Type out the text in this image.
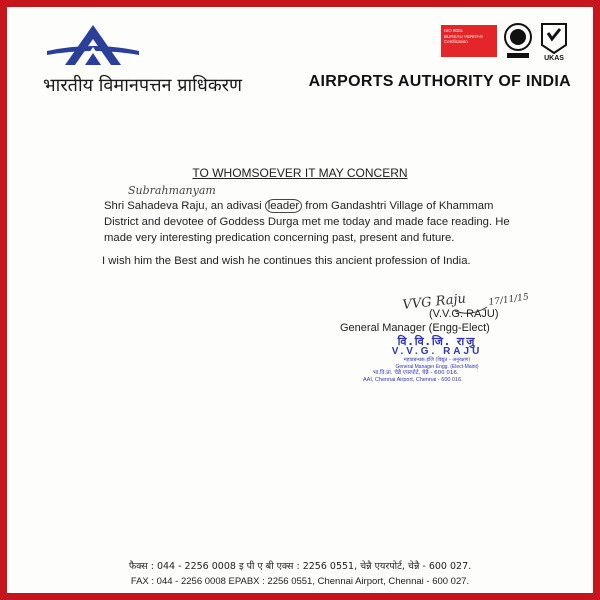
भारतीय विमानपत्तन प्राधिकरण	AIRPORTS AUTHORITY OF INDIA
ISO 9001
BUREAU VERITAS
Certification
UKAS
TO WHOMSOEVER IT MAY CONCERN
Subrahmanyam
Shri Sahadeva Raju, an adivasi leader from Gandashtri Village of Khammam District and devotee of Goddess Durga met me today and made face reading. He made very interesting predication concerning past, present and future.
I wish him the Best and wish he continues this ancient profession of India.
VVG Raju 17/11/15
(V.V.G. RAJU)
General Manager (Engg-Elect)
वि.वि.जि. राजु
V.V.G. RAJU
महाप्रबन्धक इंजि (विद्युत - अनुरक्षण)
General Manager Engg. (Elect-Maint)
भा.वि.प्रा. चेन्नै एयरपोर्ट, चेन्नै - 600 016.
AAI, Chennai Airport, Chennai - 600 016.
फैक्स : 044 - 2256 0008 इ पी ए बी एक्स : 2256 0551, चेन्नै एयरपोर्ट, चेन्नै - 600 027.
FAX : 044 - 2256 0008 EPABX : 2256 0551, Chennai Airport, Chennai - 600 027.
